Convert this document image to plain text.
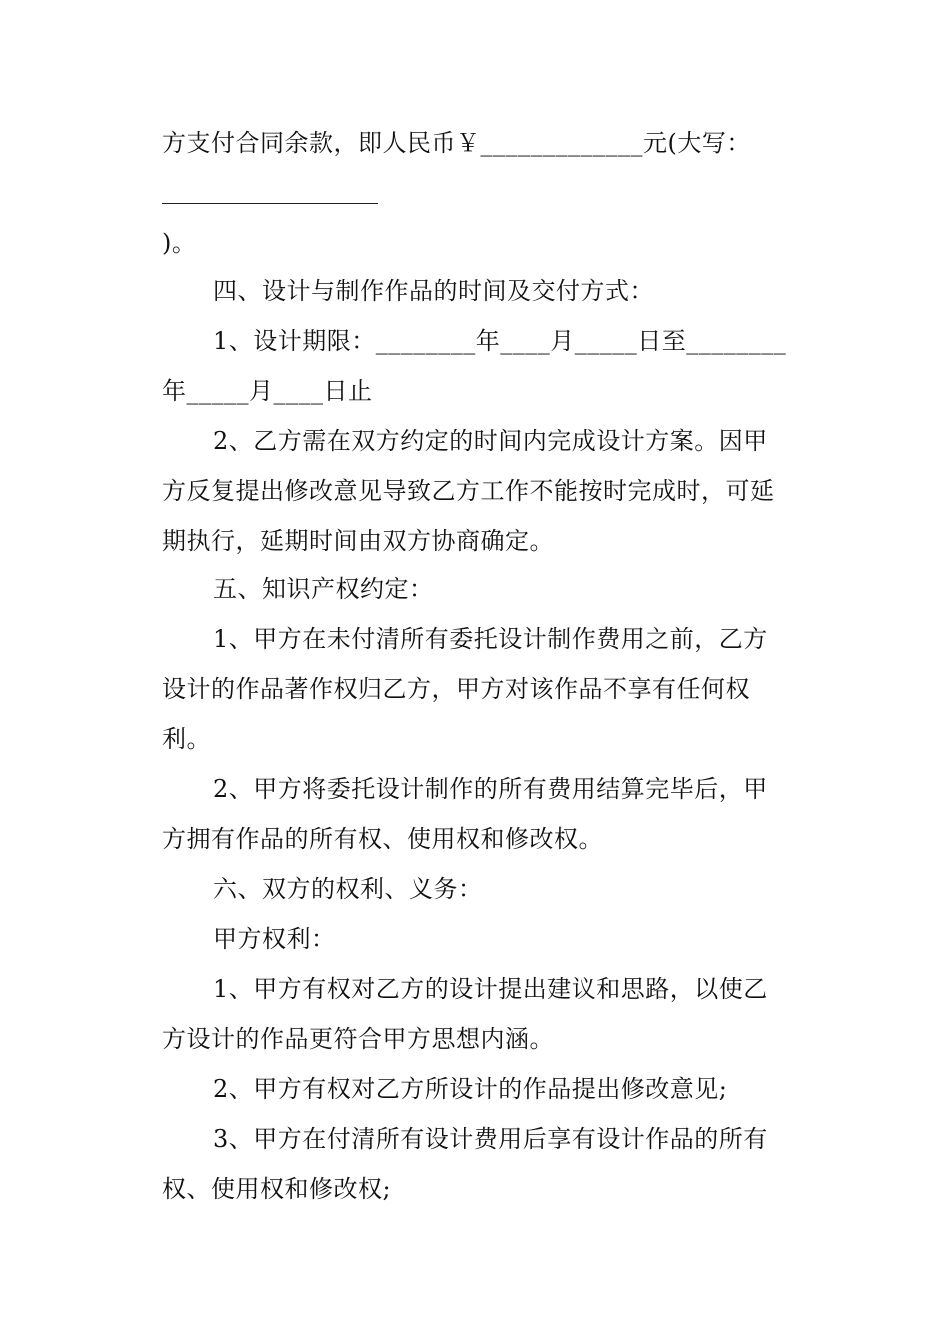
方支付合同余款，即人民币￥_____________元(大写：
)。
四、设计与制作作品的时间及交付方式：
1、设计期限：________年____月_____日至________
年_____月____日止
2、乙方需在双方约定的时间内完成设计方案。因甲
方反复提出修改意见导致乙方工作不能按时完成时，可延
期执行，延期时间由双方协商确定。
五、知识产权约定：
1、甲方在未付清所有委托设计制作费用之前，乙方
设计的作品著作权归乙方，甲方对该作品不享有任何权
利。
2、甲方将委托设计制作的所有费用结算完毕后，甲
方拥有作品的所有权、使用权和修改权。
六、双方的权利、义务：
甲方权利：
1、甲方有权对乙方的设计提出建议和思路，以使乙
方设计的作品更符合甲方思想内涵。
2、甲方有权对乙方所设计的作品提出修改意见;
3、甲方在付清所有设计费用后享有设计作品的所有
权、使用权和修改权;
